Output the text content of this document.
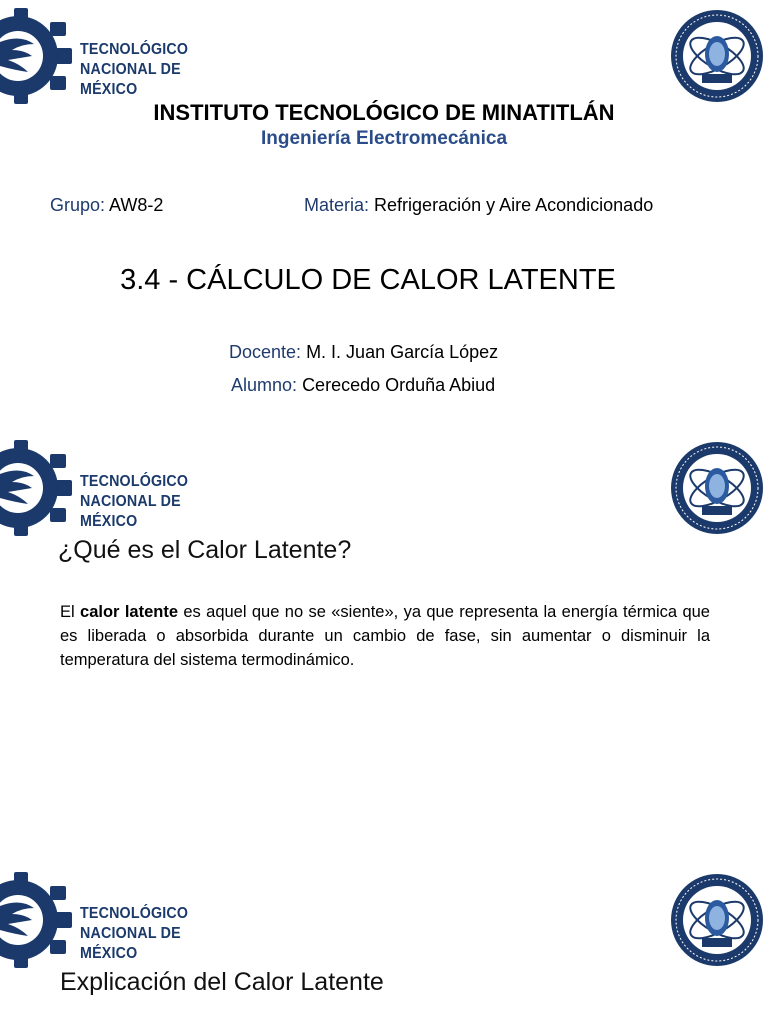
TECNOLÓGICO
NACIONAL DE MÉXICO
INSTITUTO TECNOLÓGICO DE MINATITLÁN
Ingeniería Electromecánica
Grupo: AW8-2	Materia: Refrigeración y Aire Acondicionado
3.4 - CÁLCULO DE CALOR LATENTE
Docente: M. I. Juan García López
Alumno: Cerecedo Orduña Abiud
TECNOLÓGICO
NACIONAL DE MÉXICO
¿Qué es el Calor Latente?
El calor latente es aquel que no se «siente», ya que representa la energía térmica que es liberada o absorbida durante un cambio de fase, sin aumentar o disminuir la temperatura del sistema termodinámico.
TECNOLÓGICO
NACIONAL DE MÉXICO
Explicación del Calor Latente
